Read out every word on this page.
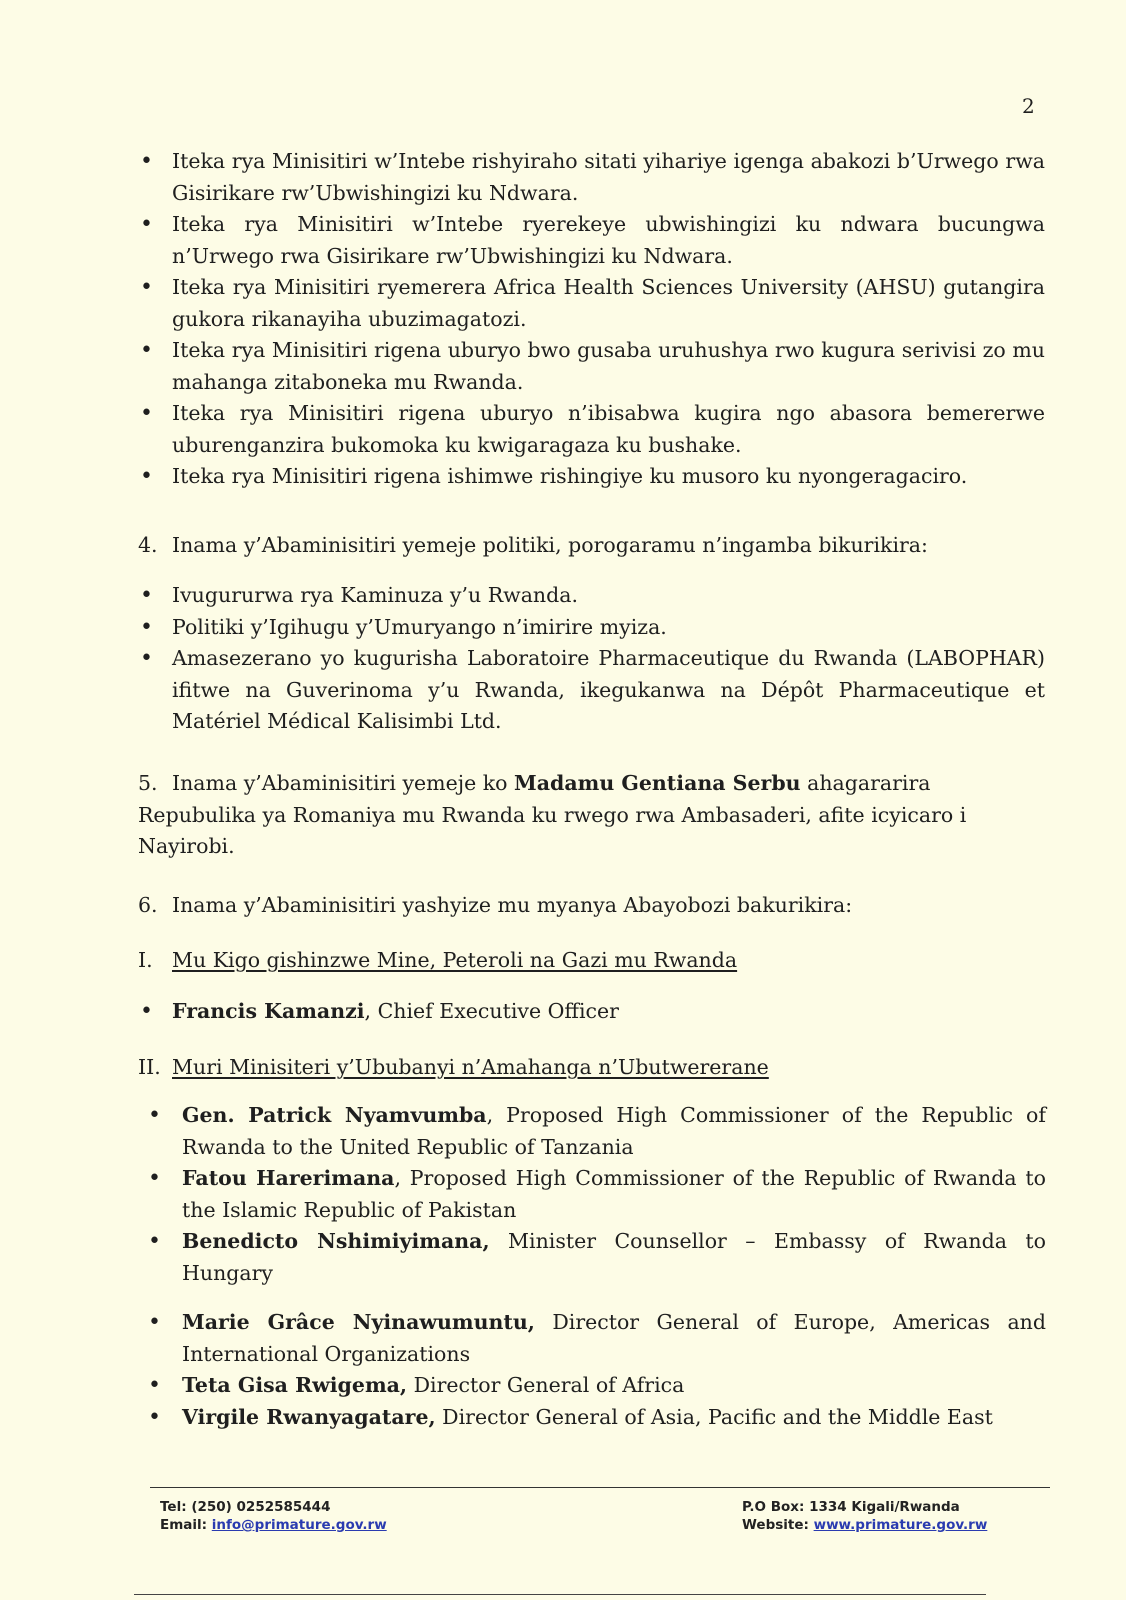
2
• Iteka rya Minisitiri w’Intebe rishyiraho sitati yihariye igenga abakozi b’Urwego rwa Gisirikare rw’Ubwishingizi ku Ndwara.
• Iteka rya Minisitiri w’Intebe ryerekeye ubwishingizi ku ndwara bucungwa n’Urwego rwa Gisirikare rw’Ubwishingizi ku Ndwara.
• Iteka rya Minisitiri ryemerera Africa Health Sciences University (AHSU) gutangira gukora rikanayiha ubuzimagatozi.
• Iteka rya Minisitiri rigena uburyo bwo gusaba uruhushya rwo kugura serivisi zo mu mahanga zitaboneka mu Rwanda.
• Iteka rya Minisitiri rigena uburyo n’ibisabwa kugira ngo abasora bemererwe uburenganzira bukomoka ku kwigaragaza ku bushake.
• Iteka rya Minisitiri rigena ishimwe rishingiye ku musoro ku nyongeragaciro.
4. Inama y’Abaminisitiri yemeje politiki, porogaramu n’ingamba bikurikira:
• Ivugururwa rya Kaminuza y’u Rwanda.
• Politiki y’Igihugu y’Umuryango n’imirire myiza.
• Amasezerano yo kugurisha Laboratoire Pharmaceutique du Rwanda (LABOPHAR) ifitwe na Guverinoma y’u Rwanda, ikegukanwa na Dépôt Pharmaceutique et Matériel Médical Kalisimbi Ltd.
5. Inama y’Abaminisitiri yemeje ko Madamu Gentiana Serbu ahagararira Repubulika ya Romaniya mu Rwanda ku rwego rwa Ambasaderi, afite icyicaro i Nayirobi.
6. Inama y’Abaminisitiri yashyize mu myanya Abayobozi bakurikira:
I. Mu Kigo gishinzwe Mine, Peteroli na Gazi mu Rwanda
• Francis Kamanzi, Chief Executive Officer
II. Muri Minisiteri y’Ububanyi n’Amahanga n’Ubutwererane
• Gen. Patrick Nyamvumba, Proposed High Commissioner of the Republic of Rwanda to the United Republic of Tanzania
• Fatou Harerimana, Proposed High Commissioner of the Republic of Rwanda to the Islamic Republic of Pakistan
• Benedicto Nshimiyimana, Minister Counsellor – Embassy of Rwanda to Hungary
• Marie Grâce Nyinawumuntu, Director General of Europe, Americas and International Organizations
• Teta Gisa Rwigema, Director General of Africa
• Virgile Rwanyagatare, Director General of Asia, Pacific and the Middle East
Tel: (250) 0252585444
Email: info@primature.gov.rw
P.O Box: 1334 Kigali/Rwanda
Website: www.primature.gov.rw
